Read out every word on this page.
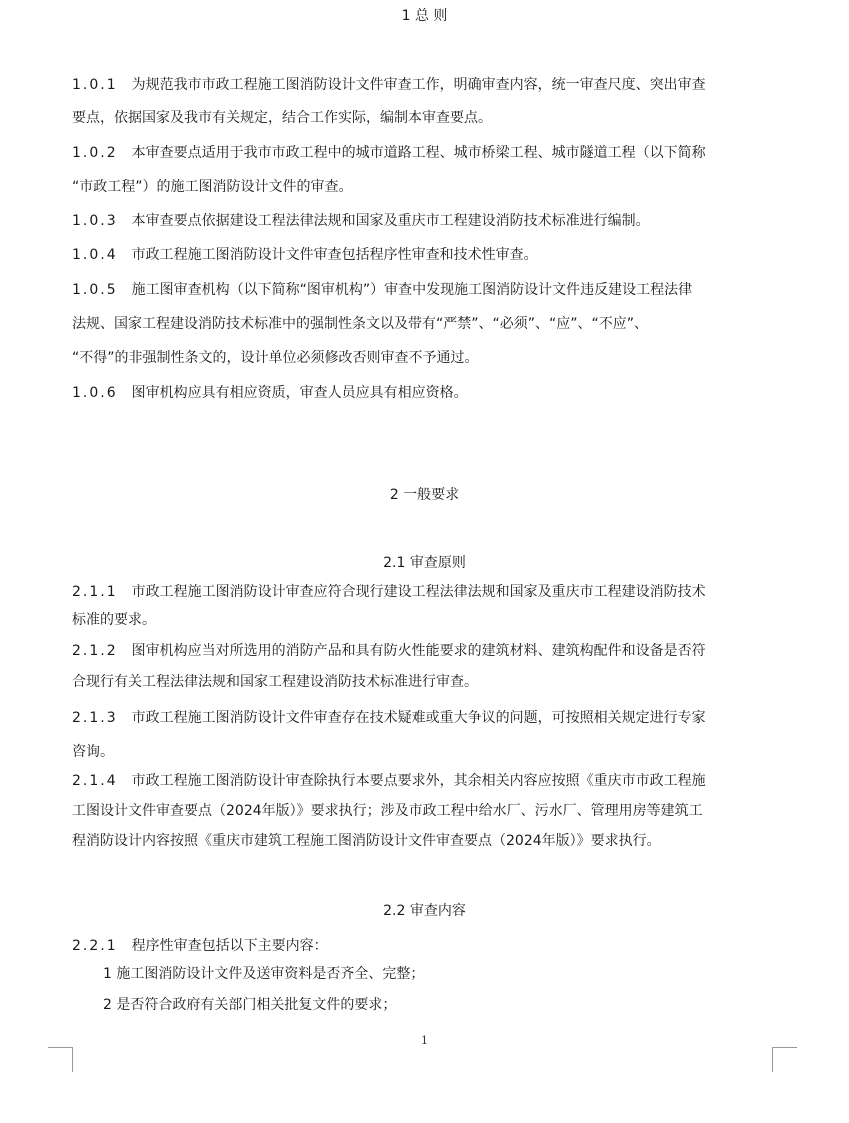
1 总 则
1.0.1 为规范我市市政工程施工图消防设计文件审查工作，明确审查内容，统一审查尺度、突出审查
要点，依据国家及我市有关规定，结合工作实际，编制本审查要点。
1.0.2 本审查要点适用于我市市政工程中的城市道路工程、城市桥梁工程、城市隧道工程（以下简称
“市政工程”）的施工图消防设计文件的审查。
1.0.3 本审查要点依据建设工程法律法规和国家及重庆市工程建设消防技术标准进行编制。
1.0.4 市政工程施工图消防设计文件审查包括程序性审查和技术性审查。
1.0.5 施工图审查机构（以下简称“图审机构”）审查中发现施工图消防设计文件违反建设工程法律
法规、国家工程建设消防技术标准中的强制性条文以及带有“严禁”、“必须”、“应”、“不应”、
“不得”的非强制性条文的，设计单位必须修改否则审查不予通过。
1.0.6 图审机构应具有相应资质，审查人员应具有相应资格。
2 一般要求
2.1 审查原则
2.1.1 市政工程施工图消防设计审查应符合现行建设工程法律法规和国家及重庆市工程建设消防技术
标准的要求。
2.1.2 图审机构应当对所选用的消防产品和具有防火性能要求的建筑材料、建筑构配件和设备是否符
合现行有关工程法律法规和国家工程建设消防技术标准进行审查。
2.1.3 市政工程施工图消防设计文件审查存在技术疑难或重大争议的问题，可按照相关规定进行专家
咨询。
2.1.4 市政工程施工图消防设计审查除执行本要点要求外，其余相关内容应按照《重庆市市政工程施
工图设计文件审查要点（2024年版）》要求执行；涉及市政工程中给水厂、污水厂、管理用房等建筑工
程消防设计内容按照《重庆市建筑工程施工图消防设计文件审查要点（2024年版）》要求执行。
2.2 审查内容
2.2.1 程序性审查包括以下主要内容：
1 施工图消防设计文件及送审资料是否齐全、完整；
2 是否符合政府有关部门相关批复文件的要求；
1
